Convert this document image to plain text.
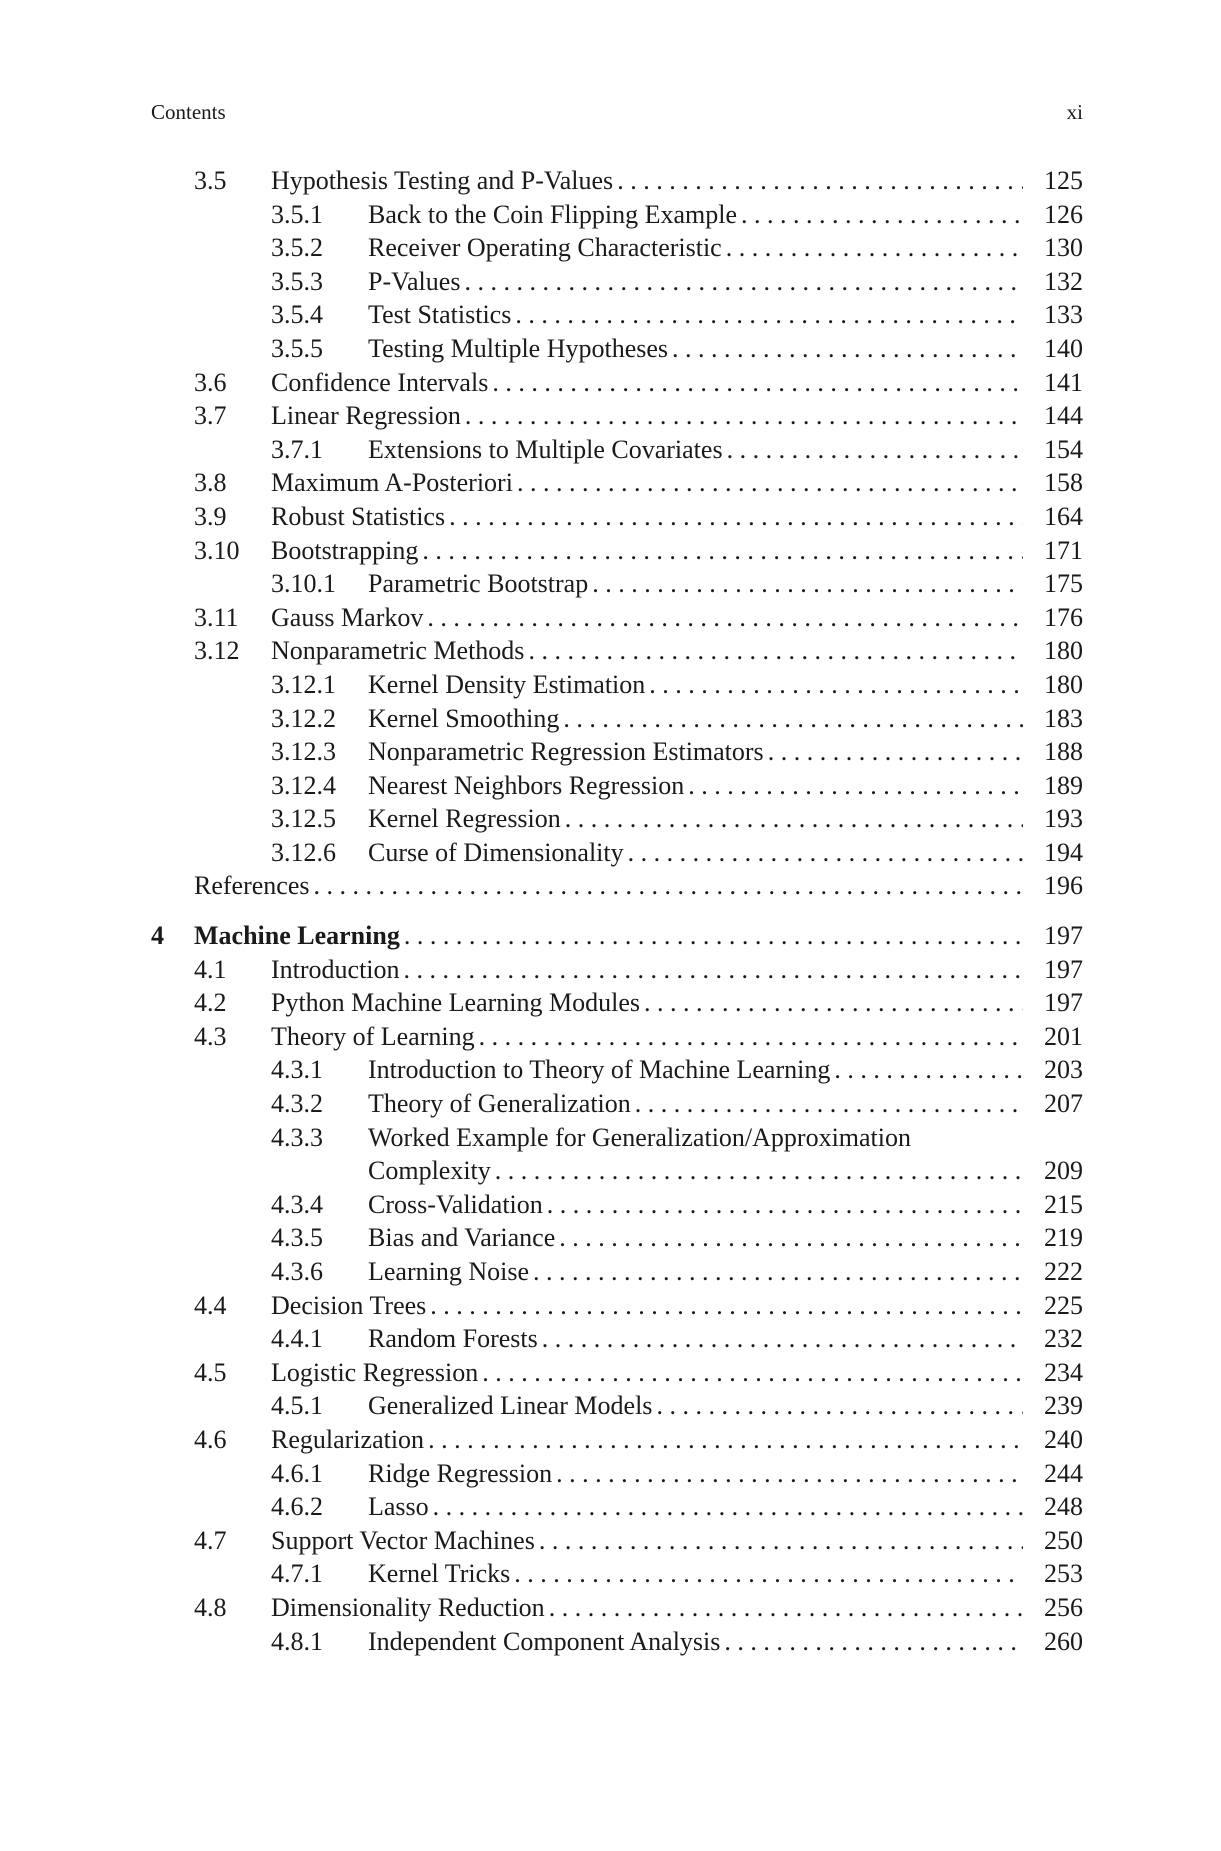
Contents	xi
3.5 Hypothesis Testing and P-Values . . .	125
3.5.1 Back to the Coin Flipping Example . . .	126
3.5.2 Receiver Operating Characteristic . . .	130
3.5.3 P-Values . . .	132
3.5.4 Test Statistics . . .	133
3.5.5 Testing Multiple Hypotheses . . .	140
3.6 Confidence Intervals . . .	141
3.7 Linear Regression . . .	144
3.7.1 Extensions to Multiple Covariates . . .	154
3.8 Maximum A-Posteriori . . .	158
3.9 Robust Statistics . . .	164
3.10 Bootstrapping . . .	171
3.10.1 Parametric Bootstrap . . .	175
3.11 Gauss Markov . . .	176
3.12 Nonparametric Methods . . .	180
3.12.1 Kernel Density Estimation . . .	180
3.12.2 Kernel Smoothing . . .	183
3.12.3 Nonparametric Regression Estimators . . .	188
3.12.4 Nearest Neighbors Regression . . .	189
3.12.5 Kernel Regression . . .	193
3.12.6 Curse of Dimensionality . . .	194
References . . .	196
4 Machine Learning . . .	197
4.1 Introduction . . .	197
4.2 Python Machine Learning Modules . . .	197
4.3 Theory of Learning . . .	201
4.3.1 Introduction to Theory of Machine Learning . . .	203
4.3.2 Theory of Generalization . . .	207
4.3.3 Worked Example for Generalization/Approximation
Complexity . . .	209
4.3.4 Cross-Validation . . .	215
4.3.5 Bias and Variance . . .	219
4.3.6 Learning Noise . . .	222
4.4 Decision Trees . . .	225
4.4.1 Random Forests . . .	232
4.5 Logistic Regression . . .	234
4.5.1 Generalized Linear Models . . .	239
4.6 Regularization . . .	240
4.6.1 Ridge Regression . . .	244
4.6.2 Lasso . . .	248
4.7 Support Vector Machines . . .	250
4.7.1 Kernel Tricks . . .	253
4.8 Dimensionality Reduction . . .	256
4.8.1 Independent Component Analysis . . .	260
